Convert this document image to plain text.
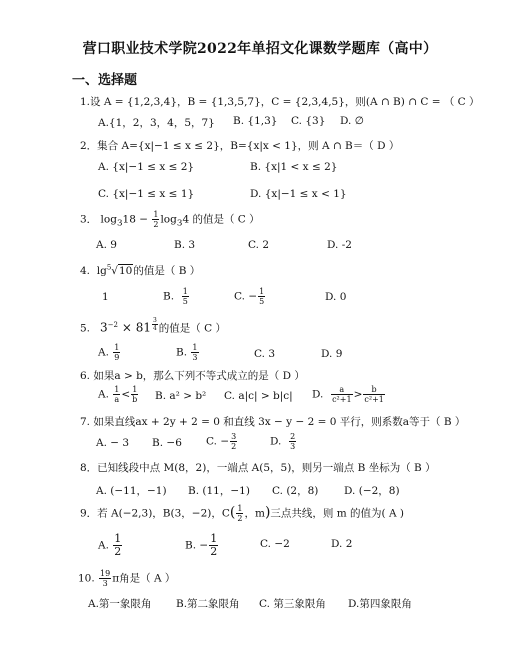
营口职业技术学院2022年单招文化课数学题库（高中）
一、选择题
1.设 A = {1,2,3,4}，B = {1,3,5,7}，C = {2,3,4,5}，则(A ∩ B) ∩ C = （ C ）
A.{1，2，3，4，5，7} B. {1,3} C. {3} D. ∅
2．集合 A={x|−1 ≤ x ≤ 2}，B={x|x < 1}，则 A ∩ B＝（ D ）
A. {x|−1 ≤ x ≤ 2}	B. {x|1 < x ≤ 2}
C. {x|−1 ≤ x ≤ 1}	D. {x|−1 ≤ x < 1}
3． $\log_318 - \frac{1}{2} \log_34$ 的值是（ C ）
A. 9	B. 3	C. 2	D. -2
4. $\lg^5√10$的值是（ B ）
1	B. $\frac{1}{5}$	C. − $\frac{1}{5}$	D. 0
5. $3^{-2} \times 81$ $^{\frac{3}{4}}$ 的值是（ C ）
A. $\frac{1}{9}$	B. $\frac{1}{3}$	C. 3	D. 9
6. 如果a > b，那么下列不等式成立的是（ D ）
A. $\frac{1}{a} < \frac{1}{b} B$. a² > b² C. a|c| > b|c| D. $\frac{a}{\text{c²+1}} > \frac{b}{\text{c²+1}}$
7. 如果直线ax + 2y + 2 = 0 和直线 3x − y − 2 = 0 平行，则系数a等于（ B ）
A. − 3 B. −6 C. − $\frac{3}{2}$	D. $\frac{2}{3}$
8．已知线段中点 M(8，2)，一端点 A(5，5)，则另一端点 B 坐标为（ B ）
A. (−11，−1) B. (11，−1) C. (2，8) D. (−2，8)
9．若 A(−2,3)，B(3，−2)，$C( \frac{1}{2}$ ，m)三点共线，则 m 的值为( A )
A. $\frac{1}{2}$	B. − $\frac{1}{2}$	C. −2	D. 2
10. $\frac{19}{3}$ π角是（ A ）
A.第一象限角 B.第二象限角 C. 第三象限角 D.第四象限角
